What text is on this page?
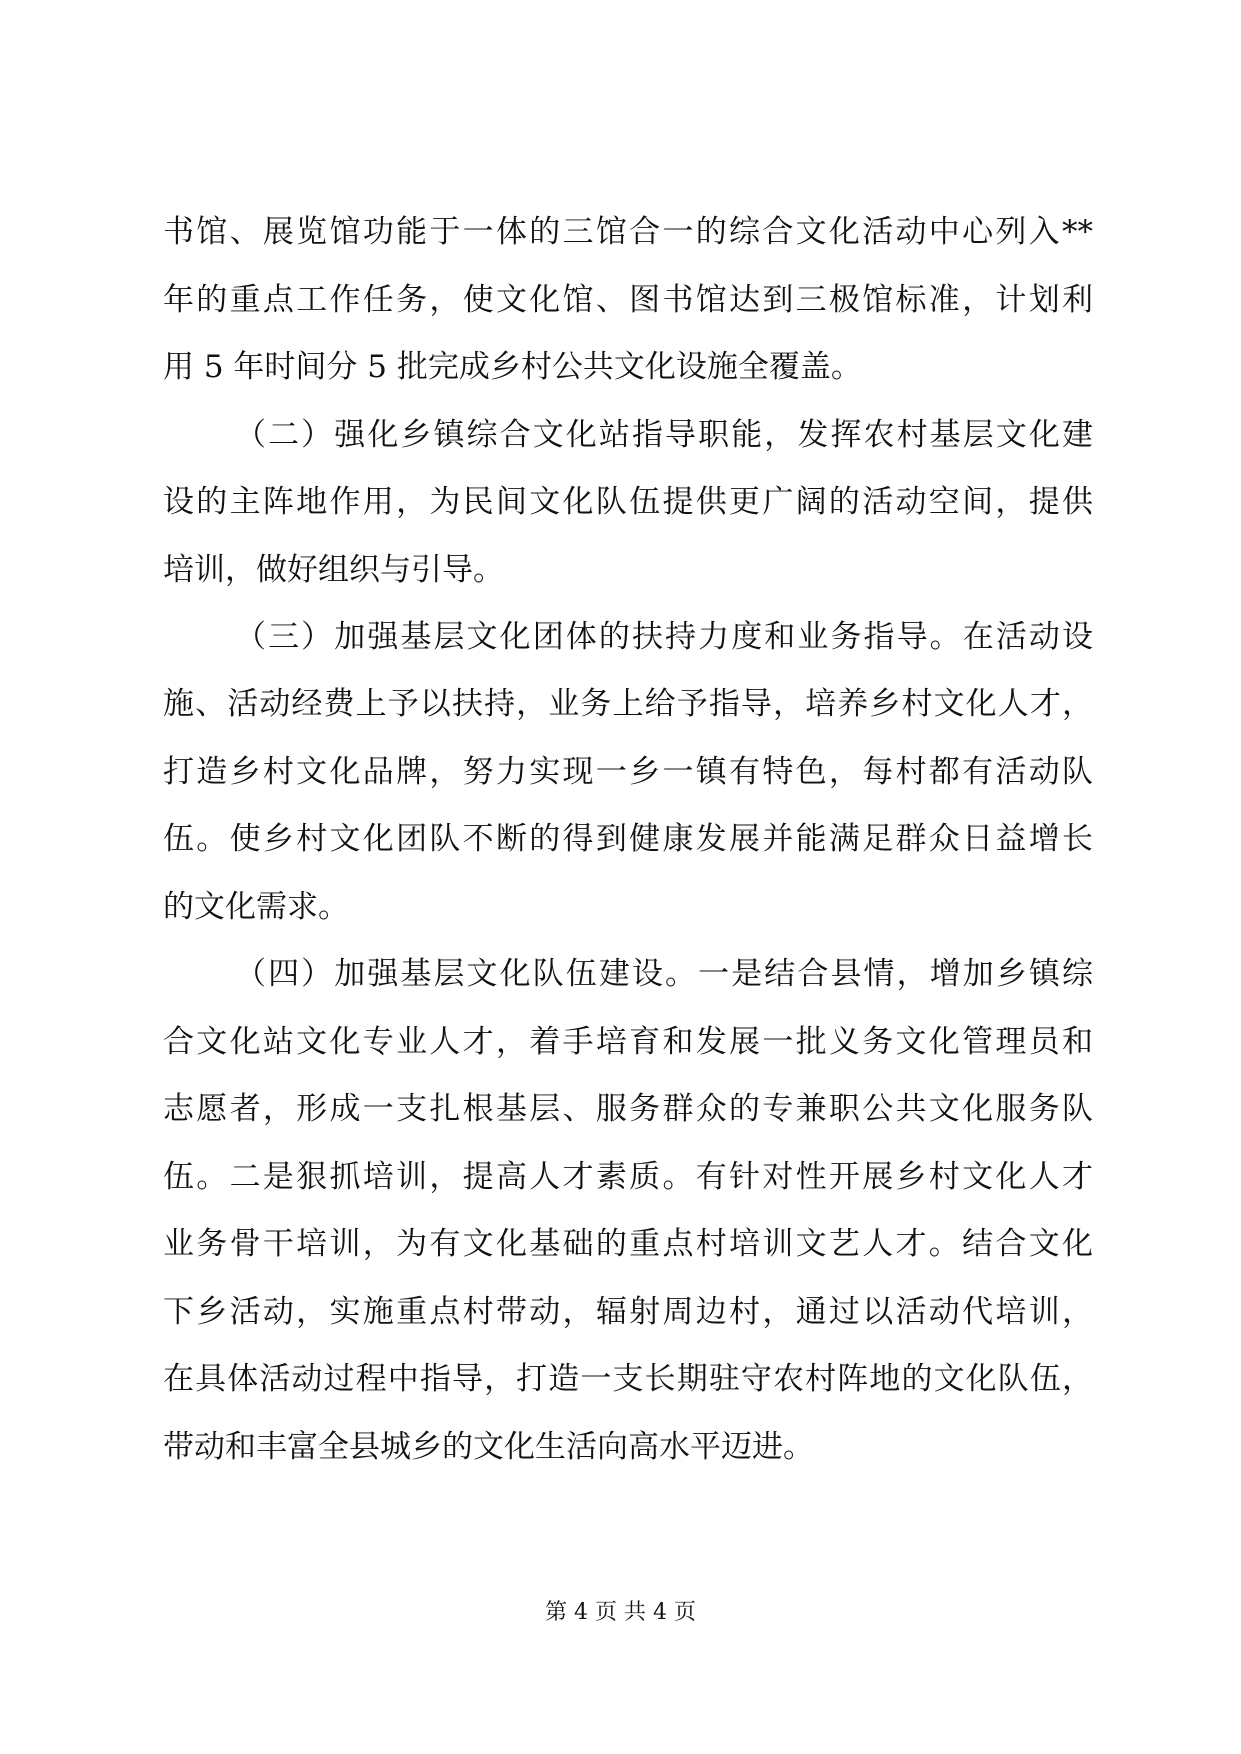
书馆、展览馆功能于一体的三馆合一的综合文化活动中心列入**
年的重点工作任务，使文化馆、图书馆达到三极馆标准，计划利
用 5 年时间分 5 批完成乡村公共文化设施全覆盖。
（二）强化乡镇综合文化站指导职能，发挥农村基层文化建
设的主阵地作用，为民间文化队伍提供更广阔的活动空间，提供
培训，做好组织与引导。
（三）加强基层文化团体的扶持力度和业务指导。在活动设
施、活动经费上予以扶持，业务上给予指导，培养乡村文化人才，
打造乡村文化品牌，努力实现一乡一镇有特色，每村都有活动队
伍。使乡村文化团队不断的得到健康发展并能满足群众日益增长
的文化需求。
（四）加强基层文化队伍建设。一是结合县情，增加乡镇综
合文化站文化专业人才，着手培育和发展一批义务文化管理员和
志愿者，形成一支扎根基层、服务群众的专兼职公共文化服务队
伍。二是狠抓培训，提高人才素质。有针对性开展乡村文化人才
业务骨干培训，为有文化基础的重点村培训文艺人才。结合文化
下乡活动，实施重点村带动，辐射周边村，通过以活动代培训，
在具体活动过程中指导，打造一支长期驻守农村阵地的文化队伍，
带动和丰富全县城乡的文化生活向高水平迈进。
第 4 页 共 4 页
